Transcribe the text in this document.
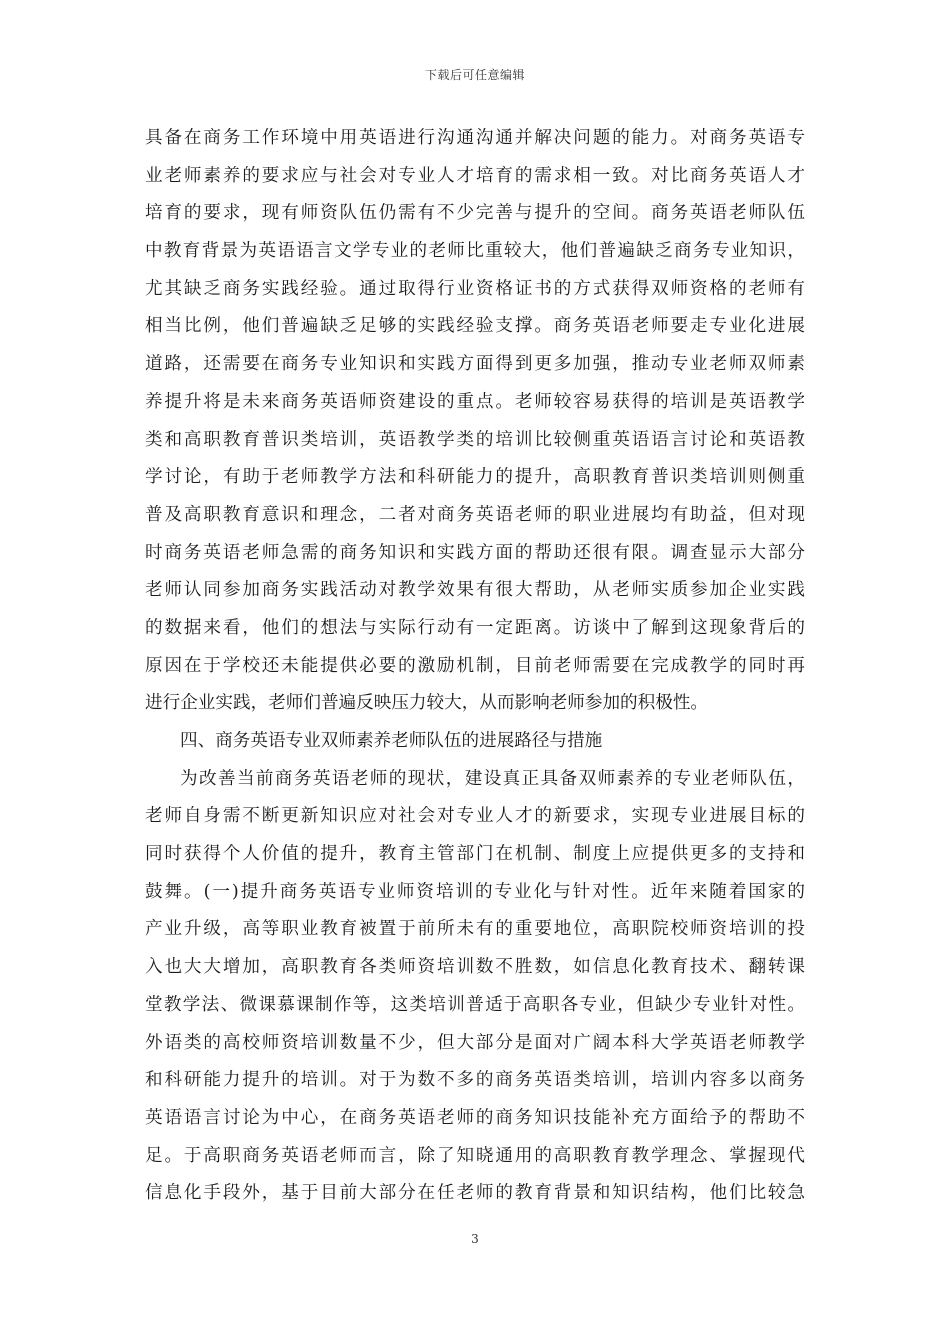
下载后可任意编辑
具备在商务工作环境中用英语进行沟通沟通并解决问题的能力。对商务英语专
业老师素养的要求应与社会对专业人才培育的需求相一致。对比商务英语人才
培育的要求，现有师资队伍仍需有不少完善与提升的空间。商务英语老师队伍
中教育背景为英语语言文学专业的老师比重较大，他们普遍缺乏商务专业知识，
尤其缺乏商务实践经验。通过取得行业资格证书的方式获得双师资格的老师有
相当比例，他们普遍缺乏足够的实践经验支撑。商务英语老师要走专业化进展
道路，还需要在商务专业知识和实践方面得到更多加强，推动专业老师双师素
养提升将是未来商务英语师资建设的重点。老师较容易获得的培训是英语教学
类和高职教育普识类培训，英语教学类的培训比较侧重英语语言讨论和英语教
学讨论，有助于老师教学方法和科研能力的提升，高职教育普识类培训则侧重
普及高职教育意识和理念，二者对商务英语老师的职业进展均有助益，但对现
时商务英语老师急需的商务知识和实践方面的帮助还很有限。调查显示大部分
老师认同参加商务实践活动对教学效果有很大帮助，从老师实质参加企业实践
的数据来看，他们的想法与实际行动有一定距离。访谈中了解到这现象背后的
原因在于学校还未能提供必要的激励机制，目前老师需要在完成教学的同时再
进行企业实践，老师们普遍反映压力较大，从而影响老师参加的积极性。
四、商务英语专业双师素养老师队伍的进展路径与措施
为改善当前商务英语老师的现状，建设真正具备双师素养的专业老师队伍，
老师自身需不断更新知识应对社会对专业人才的新要求，实现专业进展目标的
同时获得个人价值的提升，教育主管部门在机制、制度上应提供更多的支持和
鼓舞。(一)提升商务英语专业师资培训的专业化与针对性。近年来随着国家的
产业升级，高等职业教育被置于前所未有的重要地位，高职院校师资培训的投
入也大大增加，高职教育各类师资培训数不胜数，如信息化教育技术、翻转课
堂教学法、微课慕课制作等，这类培训普适于高职各专业，但缺少专业针对性。
外语类的高校师资培训数量不少，但大部分是面对广阔本科大学英语老师教学
和科研能力提升的培训。对于为数不多的商务英语类培训，培训内容多以商务
英语语言讨论为中心，在商务英语老师的商务知识技能补充方面给予的帮助不
足。于高职商务英语老师而言，除了知晓通用的高职教育教学理念、掌握现代
信息化手段外，基于目前大部分在任老师的教育背景和知识结构，他们比较急
3
